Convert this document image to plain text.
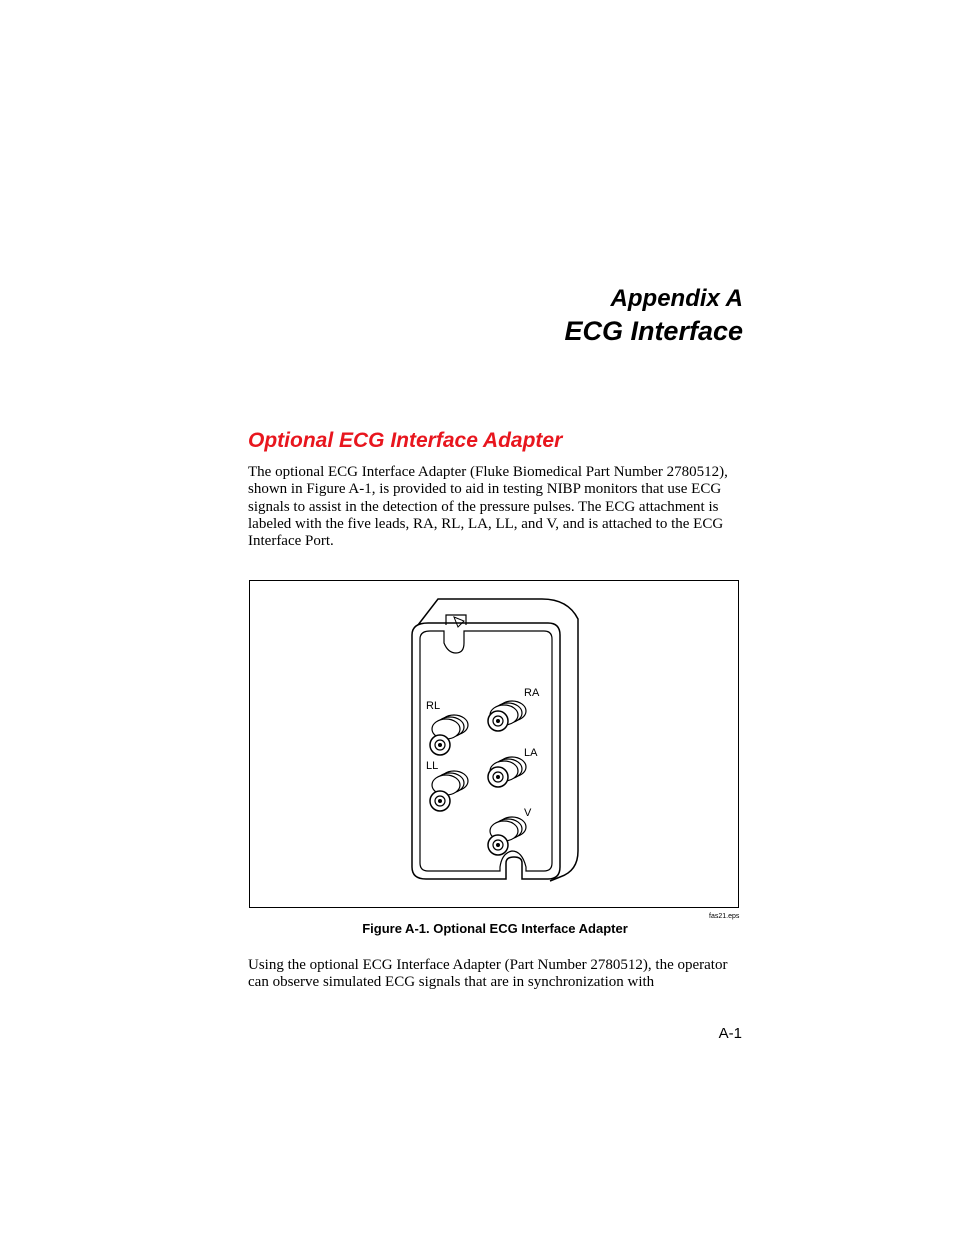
Appendix A
ECG Interface
Optional ECG Interface Adapter

The optional ECG Interface Adapter (Fluke Biomedical Part Number 2780512), shown in Figure A-1, is provided to aid in testing NIBP monitors that use ECG signals to assist in the detection of the pressure pulses. The ECG attachment is labeled with the five leads, RA, RL, LA, LL, and V, and is attached to the ECG Interface Port.

RA
RL
LA
LL
V
fas21.eps
Figure A-1. Optional ECG Interface Adapter

Using the optional ECG Interface Adapter (Part Number 2780512), the operator can observe simulated ECG signals that are in synchronization with

A-1
